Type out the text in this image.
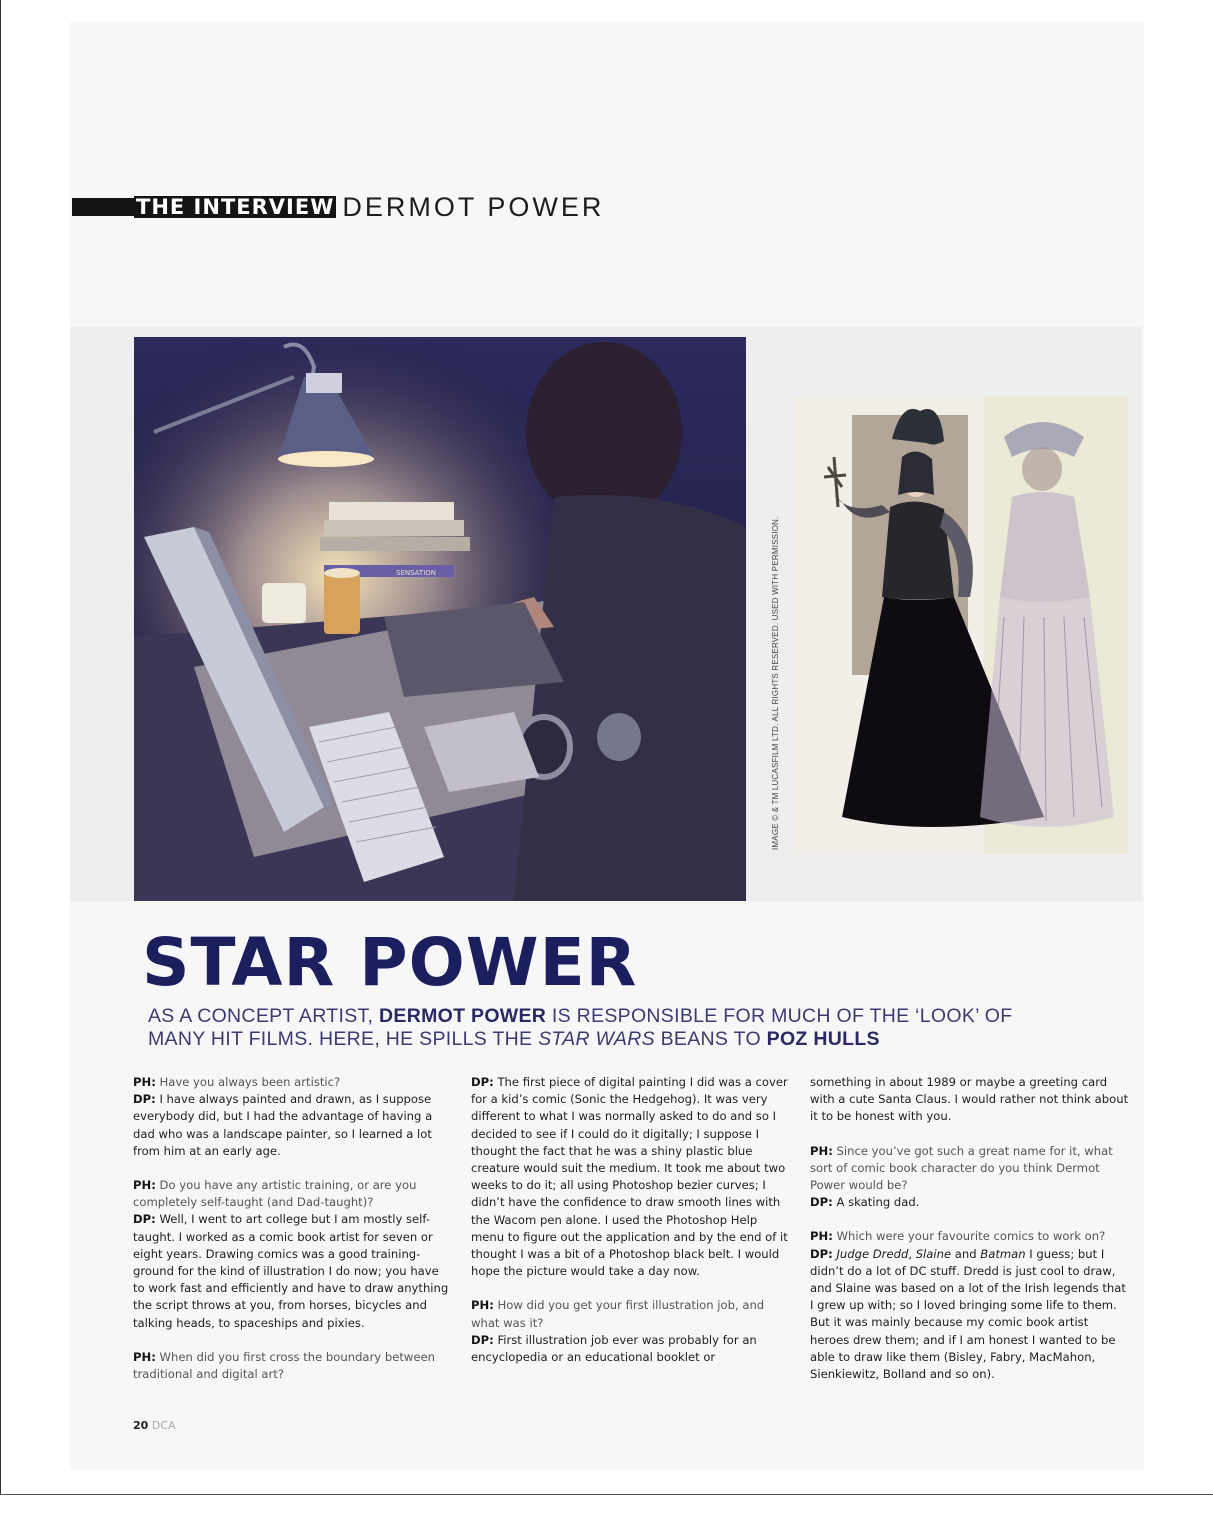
THE INTERVIEW DERMOT POWER
SENSATION	IMAGE © & TM LUCASFILM LTD. ALL RIGHTS RESERVED. USED WITH PERMISSION.
STAR POWER

AS A CONCEPT ARTIST, DERMOT POWER IS RESPONSIBLE FOR MUCH OF THE ‘LOOK’ OF MANY HIT FILMS. HERE, HE SPILLS THE STAR WARS BEANS TO POZ HULLS

PH: Have you always been artistic?
DP: I have always painted and drawn, as I suppose everybody did, but I had the advantage of having a dad who was a landscape painter, so I learned a lot from him at an early age.

PH: Do you have any artistic training, or are you completely self-taught (and Dad-taught)?
DP: Well, I went to art college but I am mostly self-taught. I worked as a comic book artist for seven or eight years. Drawing comics was a good training-ground for the kind of illustration I do now; you have to work fast and efficiently and have to draw anything the script throws at you, from horses, bicycles and talking heads, to spaceships and pixies.

PH: When did you first cross the boundary between traditional and digital art?

DP: The first piece of digital painting I did was a cover for a kid’s comic (Sonic the Hedgehog). It was very different to what I was normally asked to do and so I decided to see if I could do it digitally; I suppose I thought the fact that he was a shiny plastic blue creature would suit the medium. It took me about two weeks to do it; all using Photoshop bezier curves; I didn’t have the confidence to draw smooth lines with the Wacom pen alone. I used the Photoshop Help menu to figure out the application and by the end of it thought I was a bit of a Photoshop black belt. I would hope the picture would take a day now.

PH: How did you get your first illustration job, and what was it?
DP: First illustration job ever was probably for an encyclopedia or an educational booklet or

something in about 1989 or maybe a greeting card with a cute Santa Claus. I would rather not think about it to be honest with you.

PH: Since you’ve got such a great name for it, what sort of comic book character do you think Dermot Power would be?
DP: A skating dad.

PH: Which were your favourite comics to work on?
DP: Judge Dredd, Slaine and Batman I guess; but I didn’t do a lot of DC stuff. Dredd is just cool to draw, and Slaine was based on a lot of the Irish legends that I grew up with; so I loved bringing some life to them. But it was mainly because my comic book artist heroes drew them; and if I am honest I wanted to be able to draw like them (Bisley, Fabry, MacMahon, Sienkiewitz, Bolland and so on).

20 DCA
